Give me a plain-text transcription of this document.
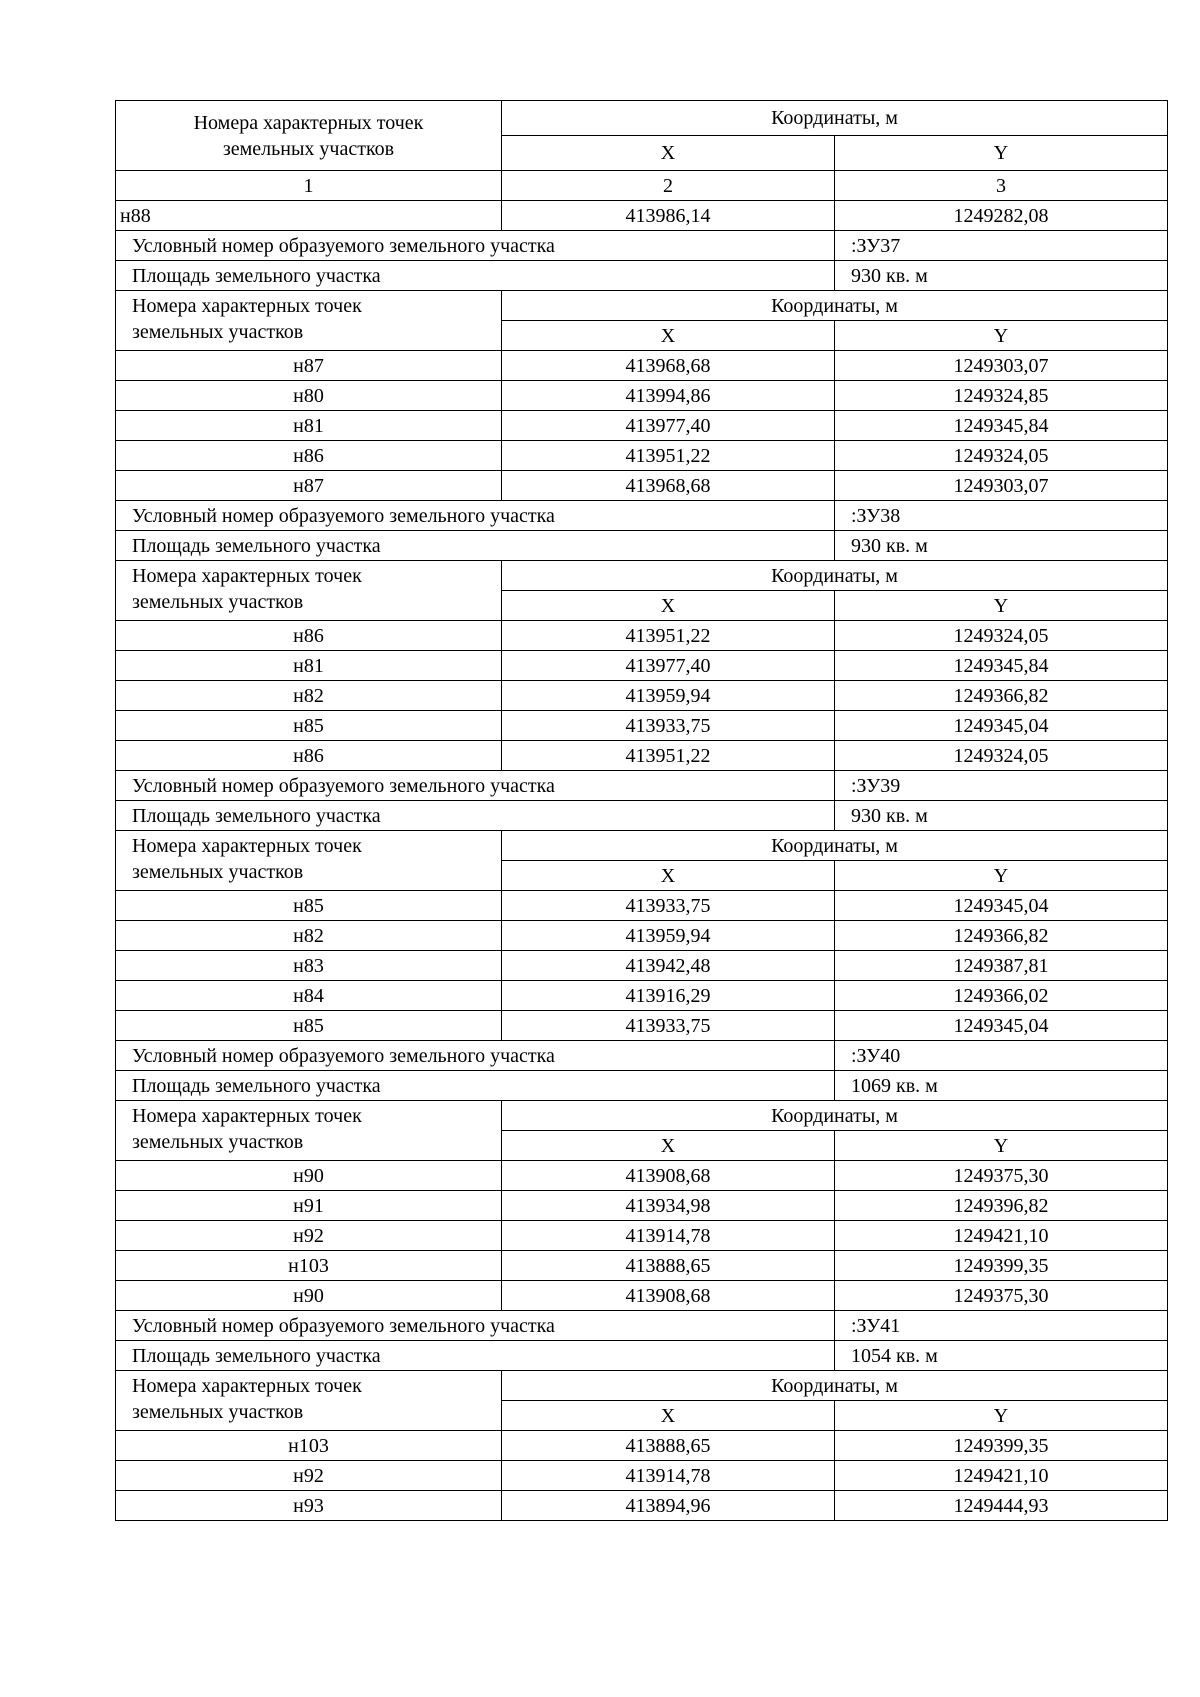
Номера характерных точек земельных участков	Координаты, м	
	X	Y
1	2	3
н88	413986,14	1249282,08
Условный номер образуемого земельного участка		:ЗУ37
Площадь земельного участка		930 кв. м
Номера характерных точек земельных участков	Координаты, м	
	X	Y
н87	413968,68	1249303,07
н80	413994,86	1249324,85
н81	413977,40	1249345,84
н86	413951,22	1249324,05
н87	413968,68	1249303,07
Условный номер образуемого земельного участка		:ЗУ38
Площадь земельного участка		930 кв. м
Номера характерных точек земельных участков	Координаты, м	
	X	Y
н86	413951,22	1249324,05
н81	413977,40	1249345,84
н82	413959,94	1249366,82
н85	413933,75	1249345,04
н86	413951,22	1249324,05
Условный номер образуемого земельного участка		:ЗУ39
Площадь земельного участка		930 кв. м
Номера характерных точек земельных участков	Координаты, м	
	X	Y
н85	413933,75	1249345,04
н82	413959,94	1249366,82
н83	413942,48	1249387,81
н84	413916,29	1249366,02
н85	413933,75	1249345,04
Условный номер образуемого земельного участка		:ЗУ40
Площадь земельного участка		1069 кв. м
Номера характерных точек земельных участков	Координаты, м	
	X	Y
н90	413908,68	1249375,30
н91	413934,98	1249396,82
н92	413914,78	1249421,10
н103	413888,65	1249399,35
н90	413908,68	1249375,30
Условный номер образуемого земельного участка		:ЗУ41
Площадь земельного участка		1054 кв. м
Номера характерных точек земельных участков	Координаты, м	
	X	Y
н103	413888,65	1249399,35
н92	413914,78	1249421,10
н93	413894,96	1249444,93
